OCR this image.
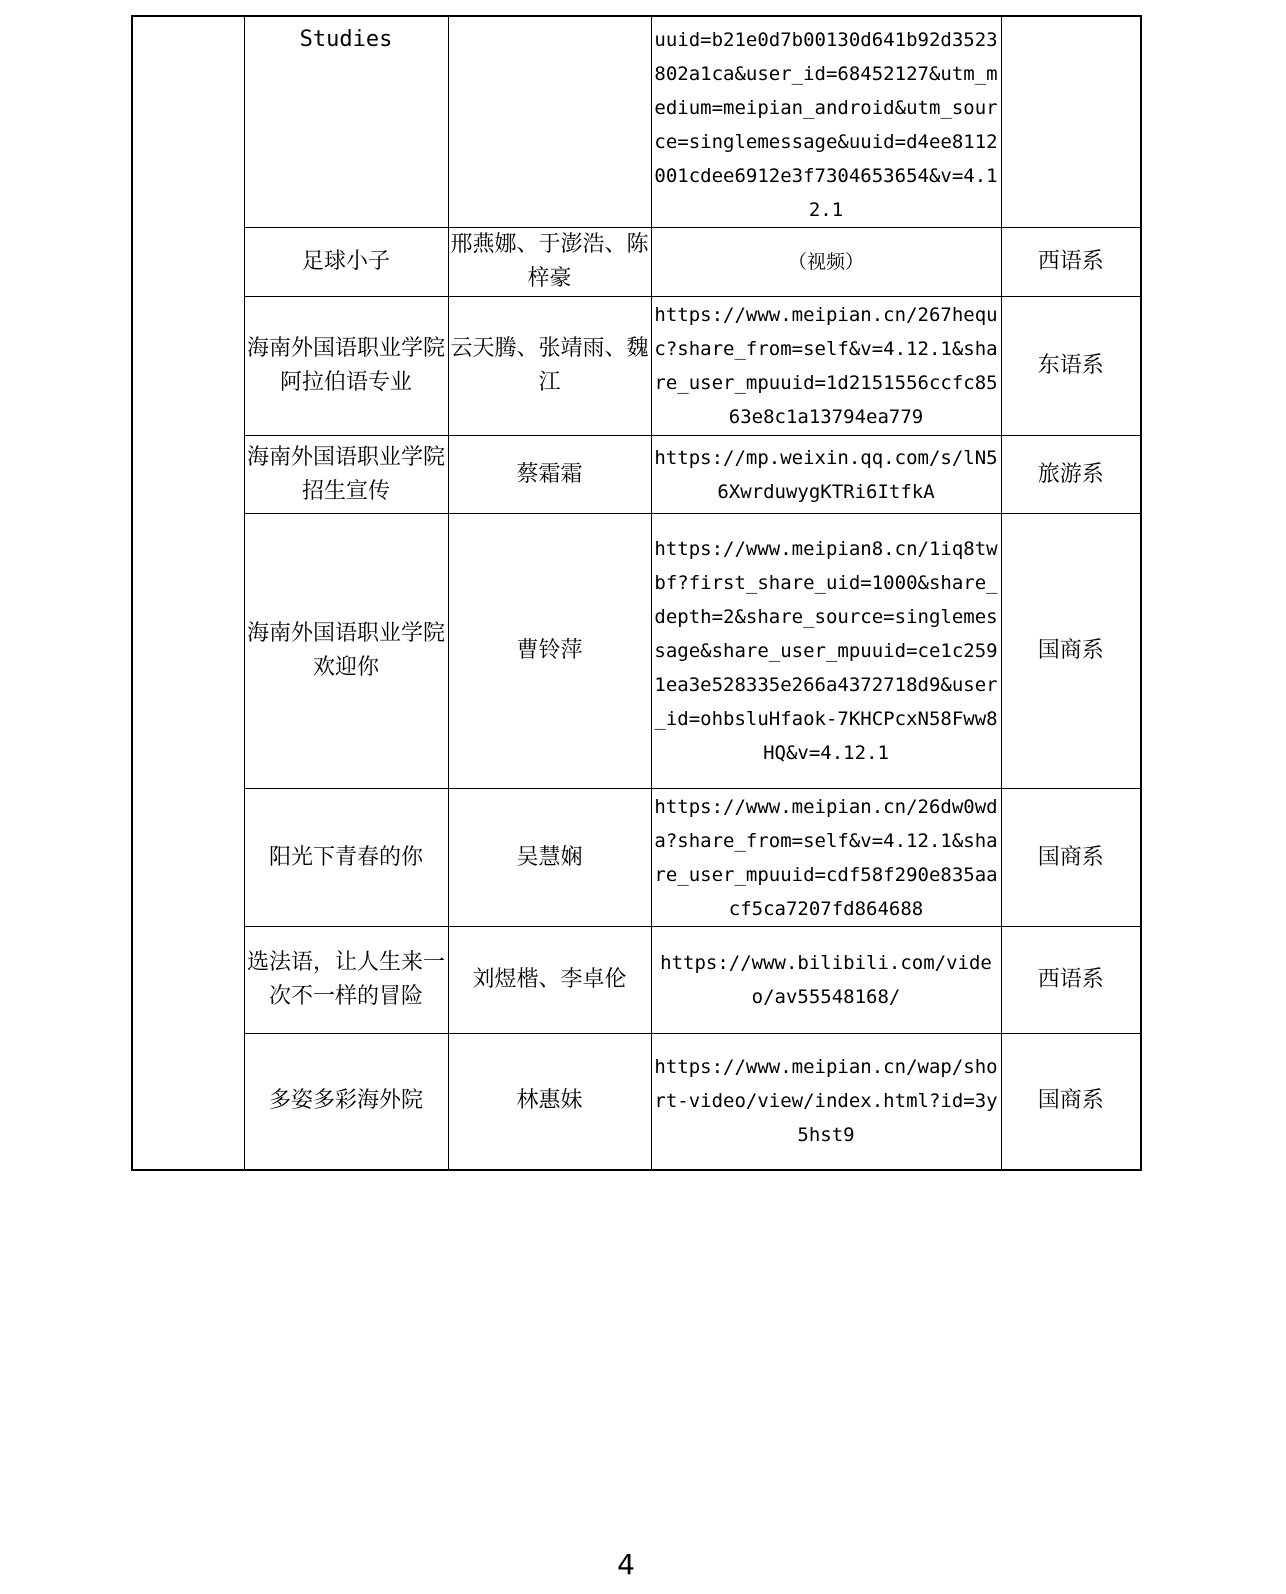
	Studies		uuid=b21e0d7b00130d641b92d3523802a1ca&user_id=68452127&utm_medium=meipian_android&utm_source=singlemessage&uuid=d4ee8112001cdee6912e3f7304653654&v=4.12.1	
	足球小子	邢燕娜、于澎浩、陈梓豪	（视频）	西语系
	海南外国语职业学院阿拉伯语专业	云天腾、张靖雨、魏江	https://www.meipian.cn/267hequc?share_from=self&v=4.12.1&share_user_mpuuid=1d2151556ccfc8563e8c1a13794ea779	东语系
	海南外国语职业学院招生宣传	蔡霜霜	https://mp.weixin.qq.com/s/lN56XwrduwygKTRi6ItfkA	旅游系
	海南外国语职业学院欢迎你	曹铃萍	https://www.meipian8.cn/1iq8twbf?first_share_uid=1000&share_depth=2&share_source=singlemessage&share_user_mpuuid=ce1c2591ea3e528335e266a4372718d9&user_id=ohbsluHfaok-7KHCPcxN58Fww8HQ&v=4.12.1	国商系
	阳光下青春的你	吴慧娴	https://www.meipian.cn/26dw0wda?share_from=self&v=4.12.1&share_user_mpuuid=cdf58f290e835aacf5ca7207fd864688	国商系
	选法语，让人生来一次不一样的冒险	刘煜楷、李卓伦	https://www.bilibili.com/video/av55548168/	西语系
	多姿多彩海外院	林惠妹	https://www.meipian.cn/wap/short-video/view/index.html?id=3y5hst9	国商系
4
